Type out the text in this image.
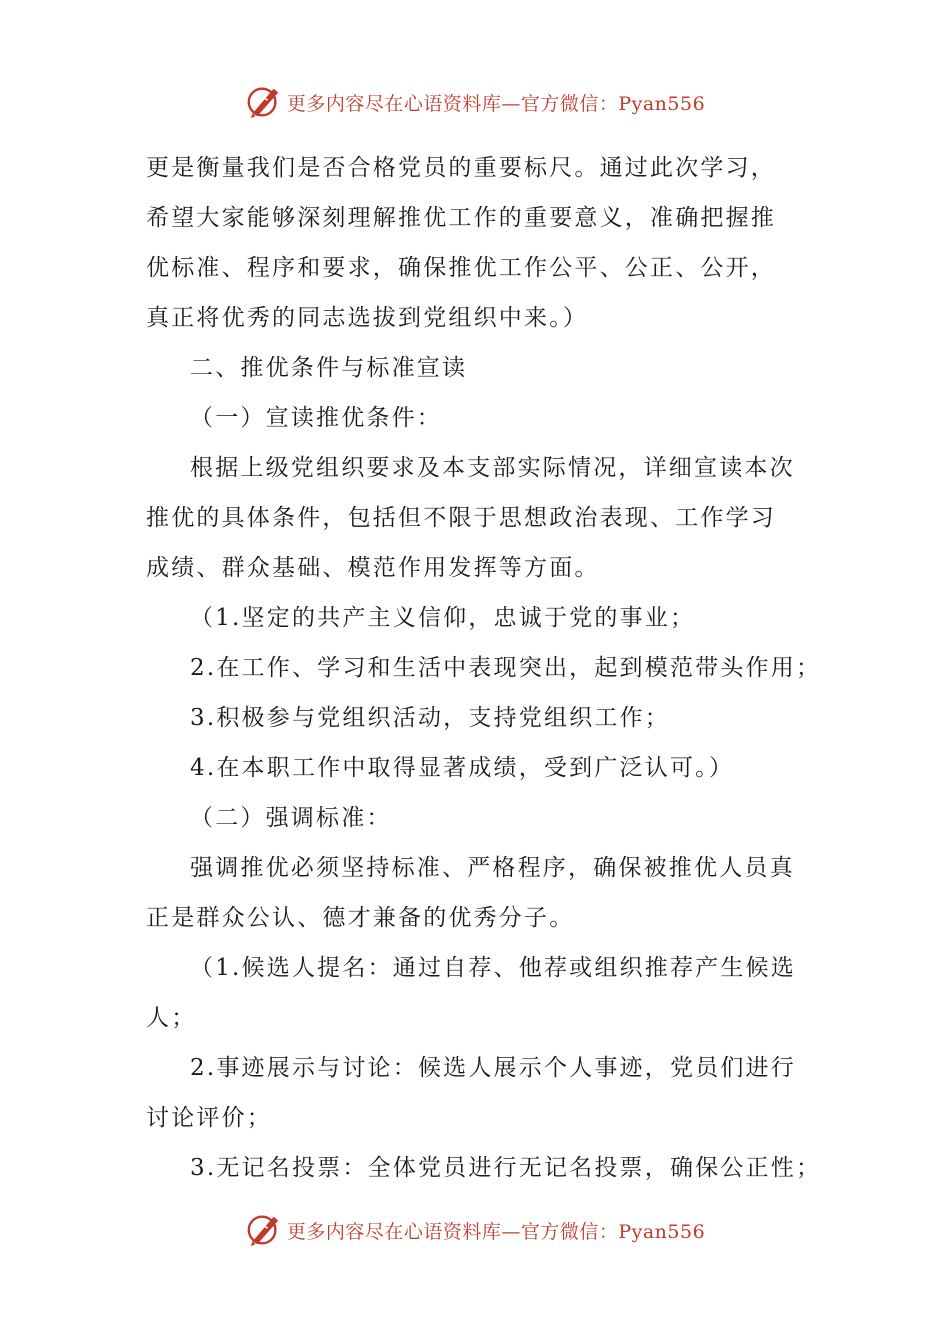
更多内容尽在心语资料库—官方微信：Pyan556
更是衡量我们是否合格党员的重要标尺。通过此次学习，
希望大家能够深刻理解推优工作的重要意义，准确把握推
优标准、程序和要求，确保推优工作公平、公正、公开，
真正将优秀的同志选拔到党组织中来。）
二、推优条件与标准宣读
（一）宣读推优条件：
根据上级党组织要求及本支部实际情况，详细宣读本次
推优的具体条件，包括但不限于思想政治表现、工作学习
成绩、群众基础、模范作用发挥等方面。
（1.坚定的共产主义信仰，忠诚于党的事业；
2.在工作、学习和生活中表现突出，起到模范带头作用；
3.积极参与党组织活动，支持党组织工作；
4.在本职工作中取得显著成绩，受到广泛认可。）
（二）强调标准：
强调推优必须坚持标准、严格程序，确保被推优人员真
正是群众公认、德才兼备的优秀分子。
（1.候选人提名：通过自荐、他荐或组织推荐产生候选
人；
2.事迹展示与讨论：候选人展示个人事迹，党员们进行
讨论评价；
3.无记名投票：全体党员进行无记名投票，确保公正性；
更多内容尽在心语资料库—官方微信：Pyan556
